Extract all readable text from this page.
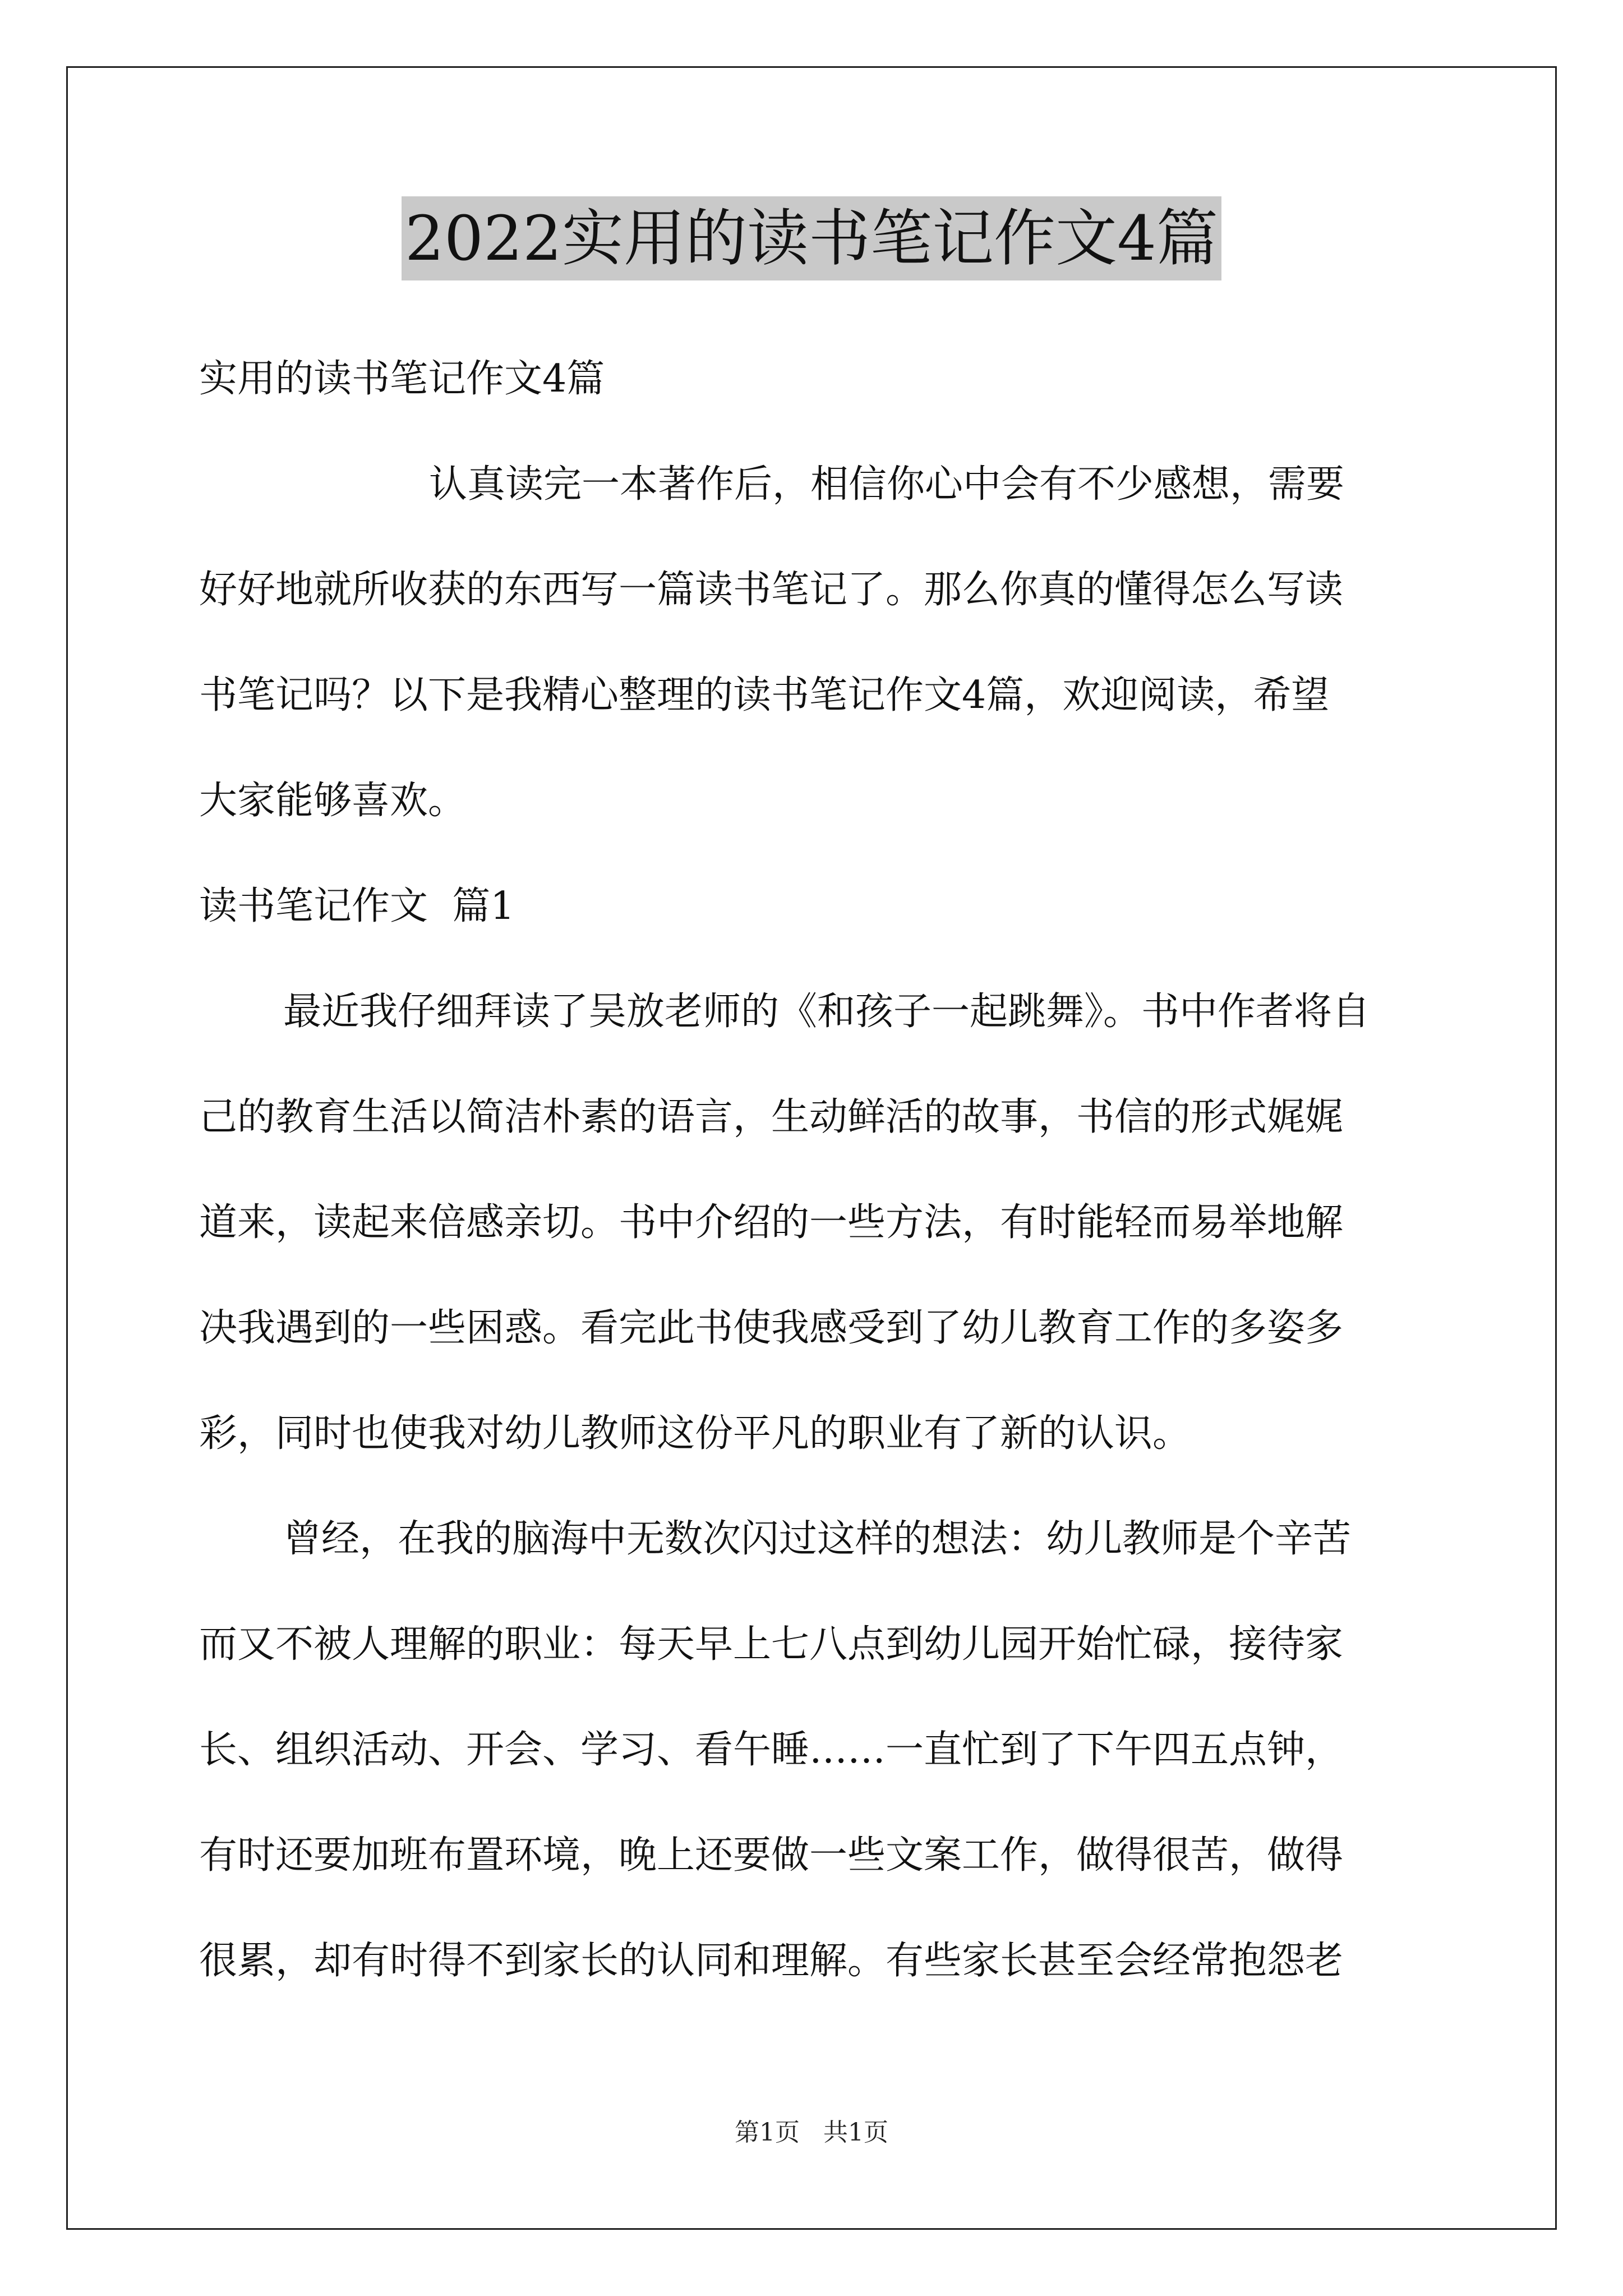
2022实用的读书笔记作文4篇
实用的读书笔记作文4篇
认真读完一本著作后，相信你心中会有不少感想，需要
好好地就所收获的东西写一篇读书笔记了。那么你真的懂得怎么写读
书笔记吗？以下是我精心整理的读书笔记作文4篇，欢迎阅读，希望
大家能够喜欢。
读书笔记作文  篇1
最近我仔细拜读了吴放老师的《和孩子一起跳舞》。书中作者将自
己的教育生活以简洁朴素的语言，生动鲜活的故事，书信的形式娓娓
道来，读起来倍感亲切。书中介绍的一些方法，有时能轻而易举地解
决我遇到的一些困惑。看完此书使我感受到了幼儿教育工作的多姿多
彩，同时也使我对幼儿教师这份平凡的职业有了新的认识。
曾经，在我的脑海中无数次闪过这样的想法：幼儿教师是个辛苦
而又不被人理解的职业：每天早上七八点到幼儿园开始忙碌，接待家
长、组织活动、开会、学习、看午睡……一直忙到了下午四五点钟，
有时还要加班布置环境，晚上还要做一些文案工作，做得很苦，做得
很累，却有时得不到家长的认同和理解。有些家长甚至会经常抱怨老
第1页   共1页
